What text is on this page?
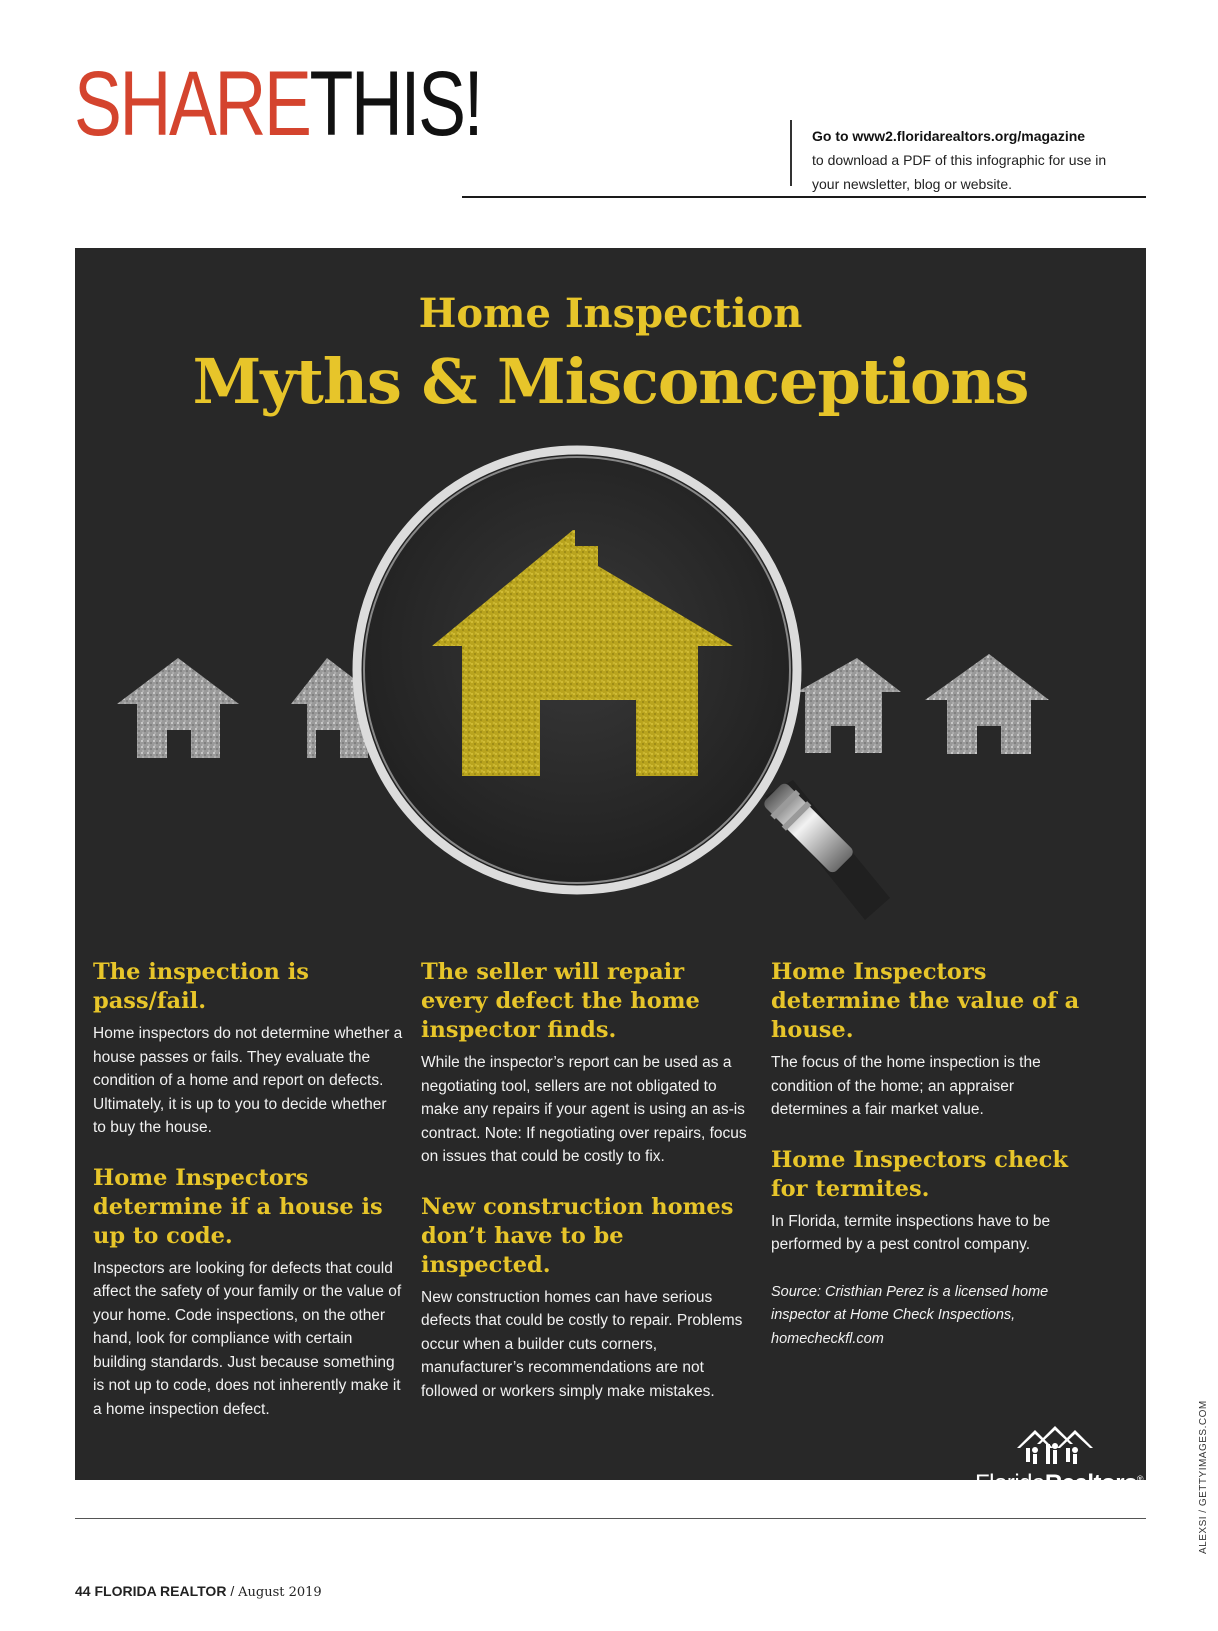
SHARETHIS!	Go to www2.floridarealtors.org/magazine
to download a PDF of this infographic for use in
your newsletter, blog or website.
Home Inspection
Myths & Misconceptions
The inspection is pass/fail.
Home inspectors do not determine whether a house passes or fails. They evaluate the condition of a home and report on defects. Ultimately, it is up to you to decide whether to buy the house.
Home Inspectors determine if a house is up to code.
Inspectors are looking for defects that could affect the safety of your family or the value of your home. Code inspections, on the other hand, look for compliance with certain building standards. Just because something is not up to code, does not inherently make it a home inspection defect.
The seller will repair every defect the home inspector finds.
While the inspector’s report can be used as a negotiating tool, sellers are not obligated to make any repairs if your agent is using an as-is contract. Note: If negotiating over repairs, focus on issues that could be costly to fix.
New construction homes don’t have to be inspected.
New construction homes can have serious defects that could be costly to repair. Problems occur when a builder cuts corners, manufacturer’s recommendations are not followed or workers simply make mistakes.
Home Inspectors determine the value of a house.
The focus of the home inspection is the condition of the home; an appraiser determines a fair market value.
Home Inspectors check for termites.
In Florida, termite inspections have to be performed by a pest control company.
Source: Cristhian Perez is a licensed home inspector at Home Check Inspections, homecheckfl.com
FloridaRealtors®
The Voice for Real Estate® in Florida	ALEXSI / GETTYIMAGES.COM
44 FLORIDA REALTOR / August 2019
